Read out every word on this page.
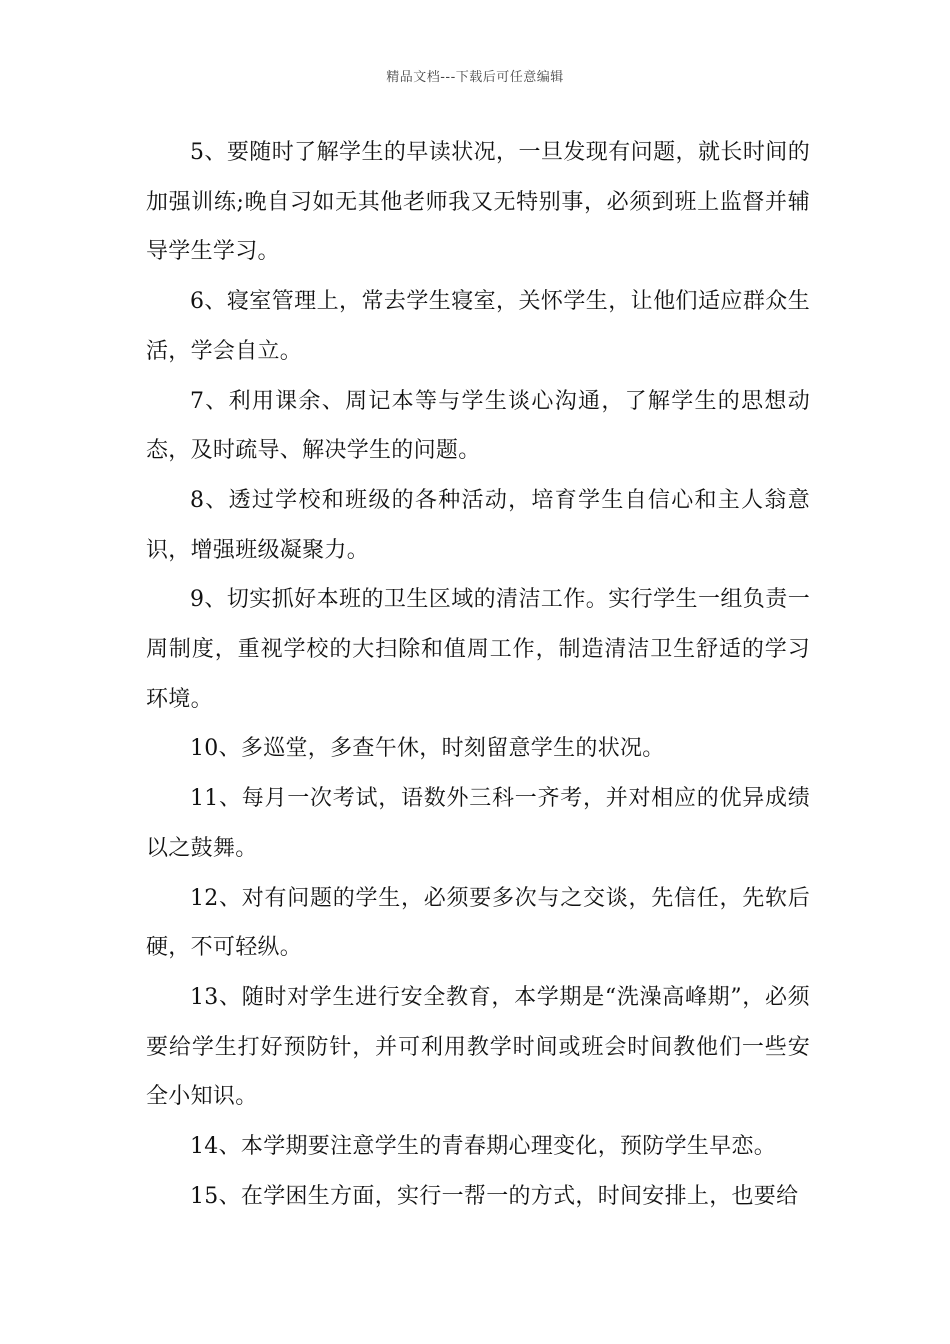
精品文档---下载后可任意编辑

5、要随时了解学生的早读状况，一旦发现有问题，就长时间的加强训练;晚自习如无其他老师我又无特别事，必须到班上监督并辅导学生学习。

6、寝室管理上，常去学生寝室，关怀学生，让他们适应群众生活，学会自立。

7、利用课余、周记本等与学生谈心沟通，了解学生的思想动态，及时疏导、解决学生的问题。

8、透过学校和班级的各种活动，培育学生自信心和主人翁意识，增强班级凝聚力。

9、切实抓好本班的卫生区域的清洁工作。实行学生一组负责一周制度，重视学校的大扫除和值周工作，制造清洁卫生舒适的学习环境。

10、多巡堂，多查午休，时刻留意学生的状况。

11、每月一次考试，语数外三科一齐考，并对相应的优异成绩以之鼓舞。

12、对有问题的学生，必须要多次与之交谈，先信任，先软后硬，不可轻纵。

13、随时对学生进行安全教育，本学期是“洗澡高峰期”，必须要给学生打好预防针，并可利用教学时间或班会时间教他们一些安全小知识。

14、本学期要注意学生的青春期心理变化，预防学生早恋。

15、在学困生方面，实行一帮一的方式，时间安排上，也要给
